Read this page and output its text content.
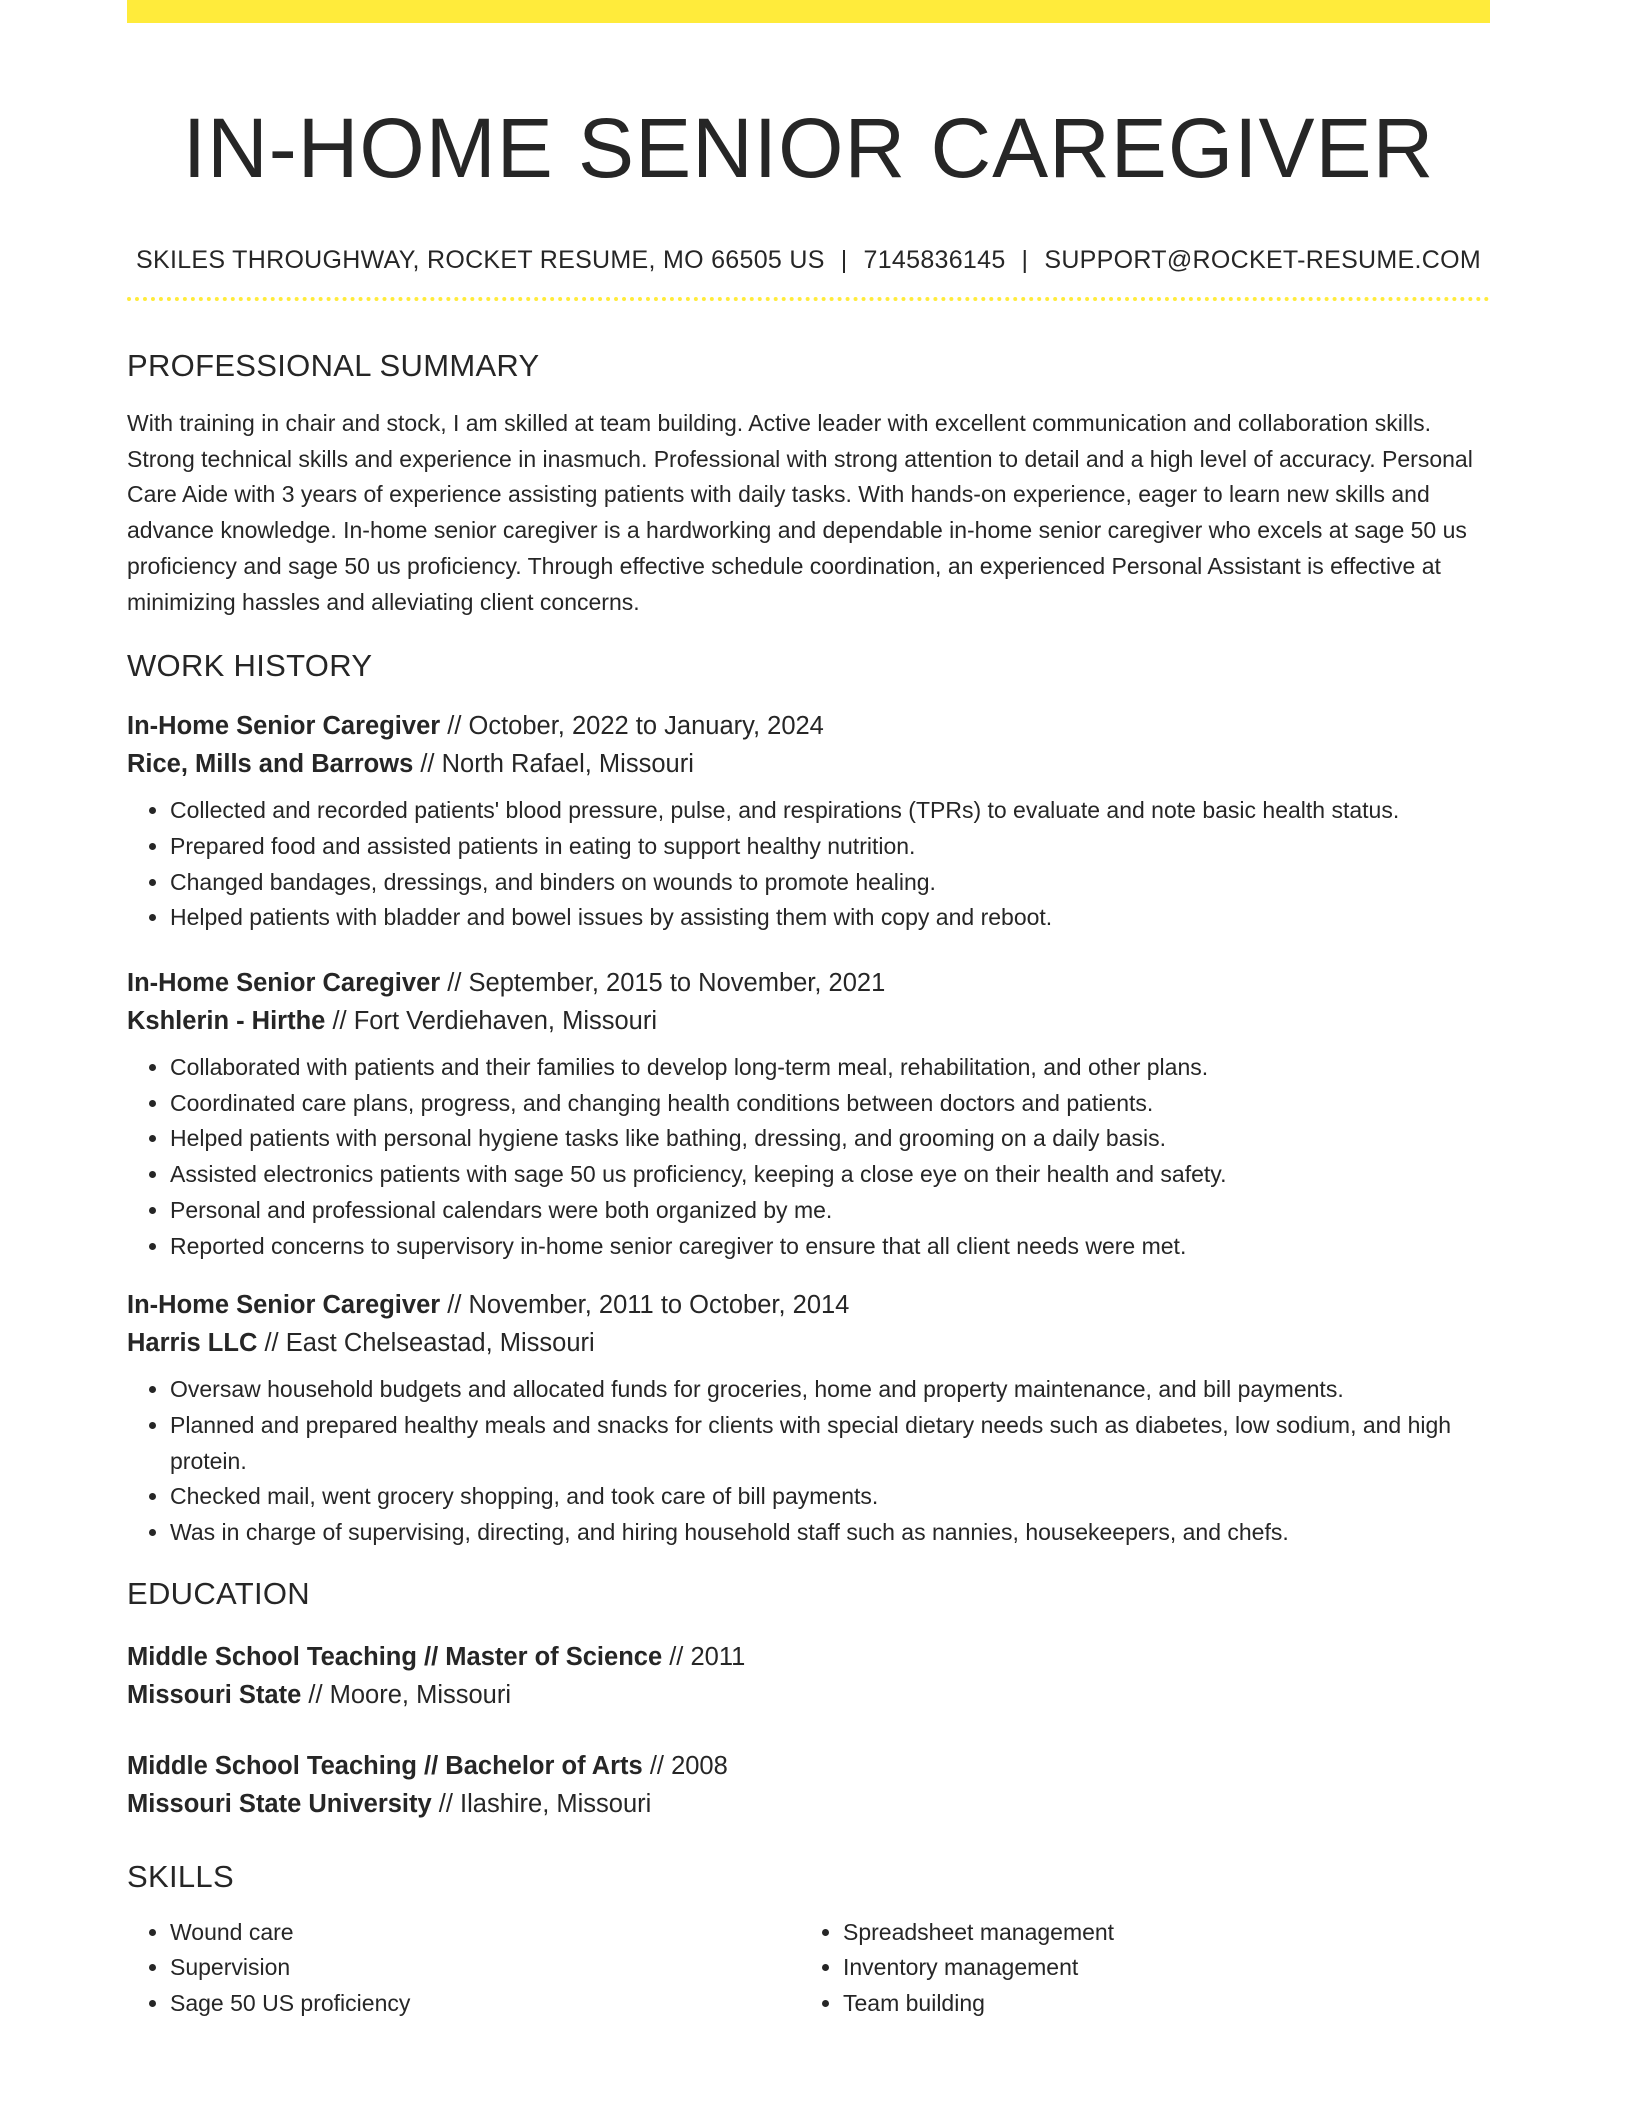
IN-HOME SENIOR CAREGIVER
SKILES THROUGHWAY, ROCKET RESUME, MO 66505 US | 7145836145 | SUPPORT@ROCKET-RESUME.COM
PROFESSIONAL SUMMARY

With training in chair and stock, I am skilled at team building. Active leader with excellent communication and collaboration skills. Strong technical skills and experience in inasmuch. Professional with strong attention to detail and a high level of accuracy. Personal Care Aide with 3 years of experience assisting patients with daily tasks. With hands-on experience, eager to learn new skills and advance knowledge. In-home senior caregiver is a hardworking and dependable in-home senior caregiver who excels at sage 50 us proficiency and sage 50 us proficiency. Through effective schedule coordination, an experienced Personal Assistant is effective at minimizing hassles and alleviating client concerns.

WORK HISTORY
In-Home Senior Caregiver // October, 2022 to January, 2024
Rice, Mills and Barrows // North Rafael, Missouri
• Collected and recorded patients' blood pressure, pulse, and respirations (TPRs) to evaluate and note basic health status.
• Prepared food and assisted patients in eating to support healthy nutrition.
• Changed bandages, dressings, and binders on wounds to promote healing.
• Helped patients with bladder and bowel issues by assisting them with copy and reboot.
In-Home Senior Caregiver // September, 2015 to November, 2021
Kshlerin - Hirthe // Fort Verdiehaven, Missouri
• Collaborated with patients and their families to develop long-term meal, rehabilitation, and other plans.
• Coordinated care plans, progress, and changing health conditions between doctors and patients.
• Helped patients with personal hygiene tasks like bathing, dressing, and grooming on a daily basis.
• Assisted electronics patients with sage 50 us proficiency, keeping a close eye on their health and safety.
• Personal and professional calendars were both organized by me.
• Reported concerns to supervisory in-home senior caregiver to ensure that all client needs were met.
In-Home Senior Caregiver // November, 2011 to October, 2014
Harris LLC // East Chelseastad, Missouri
• Oversaw household budgets and allocated funds for groceries, home and property maintenance, and bill payments.
• Planned and prepared healthy meals and snacks for clients with special dietary needs such as diabetes, low sodium, and high protein.
• Checked mail, went grocery shopping, and took care of bill payments.
• Was in charge of supervising, directing, and hiring household staff such as nannies, housekeepers, and chefs.
EDUCATION
Middle School Teaching // Master of Science // 2011
Missouri State // Moore, Missouri
Middle School Teaching // Bachelor of Arts // 2008
Missouri State University // Ilashire, Missouri
SKILLS
• Wound care
• Supervision
• Sage 50 US proficiency
• Spreadsheet management
• Inventory management
• Team building
